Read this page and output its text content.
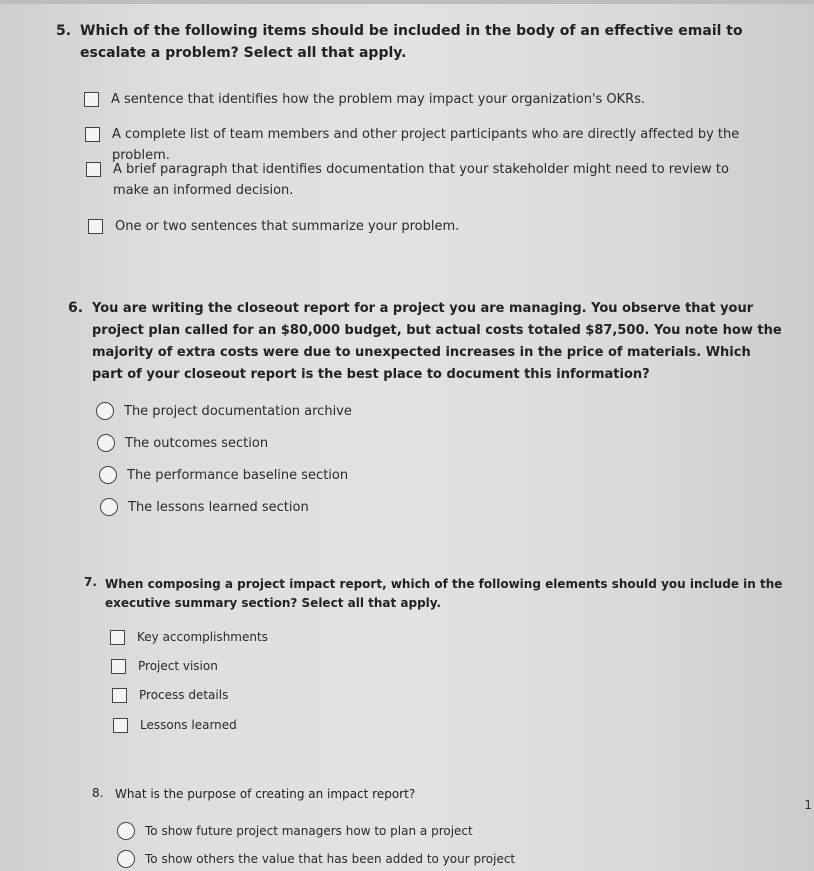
5. Which of the following items should be included in the body of an effective email to escalate a problem? Select all that apply.
A sentence that identifies how the problem may impact your organization's OKRs.
A complete list of team members and other project participants who are directly affected by the problem.
A brief paragraph that identifies documentation that your stakeholder might need to review to make an informed decision.
One or two sentences that summarize your problem.
6. You are writing the closeout report for a project you are managing. You observe that your project plan called for an $80,000 budget, but actual costs totaled $87,500. You note how the majority of extra costs were due to unexpected increases in the price of materials. Which part of your closeout report is the best place to document this information?
The project documentation archive
The outcomes section
The performance baseline section
The lessons learned section
7. When composing a project impact report, which of the following elements should you include in the executive summary section? Select all that apply.
Key accomplishments
Project vision
Process details
Lessons learned
8. What is the purpose of creating an impact report?
To show future project managers how to plan a project
To show others the value that has been added to your project
1
